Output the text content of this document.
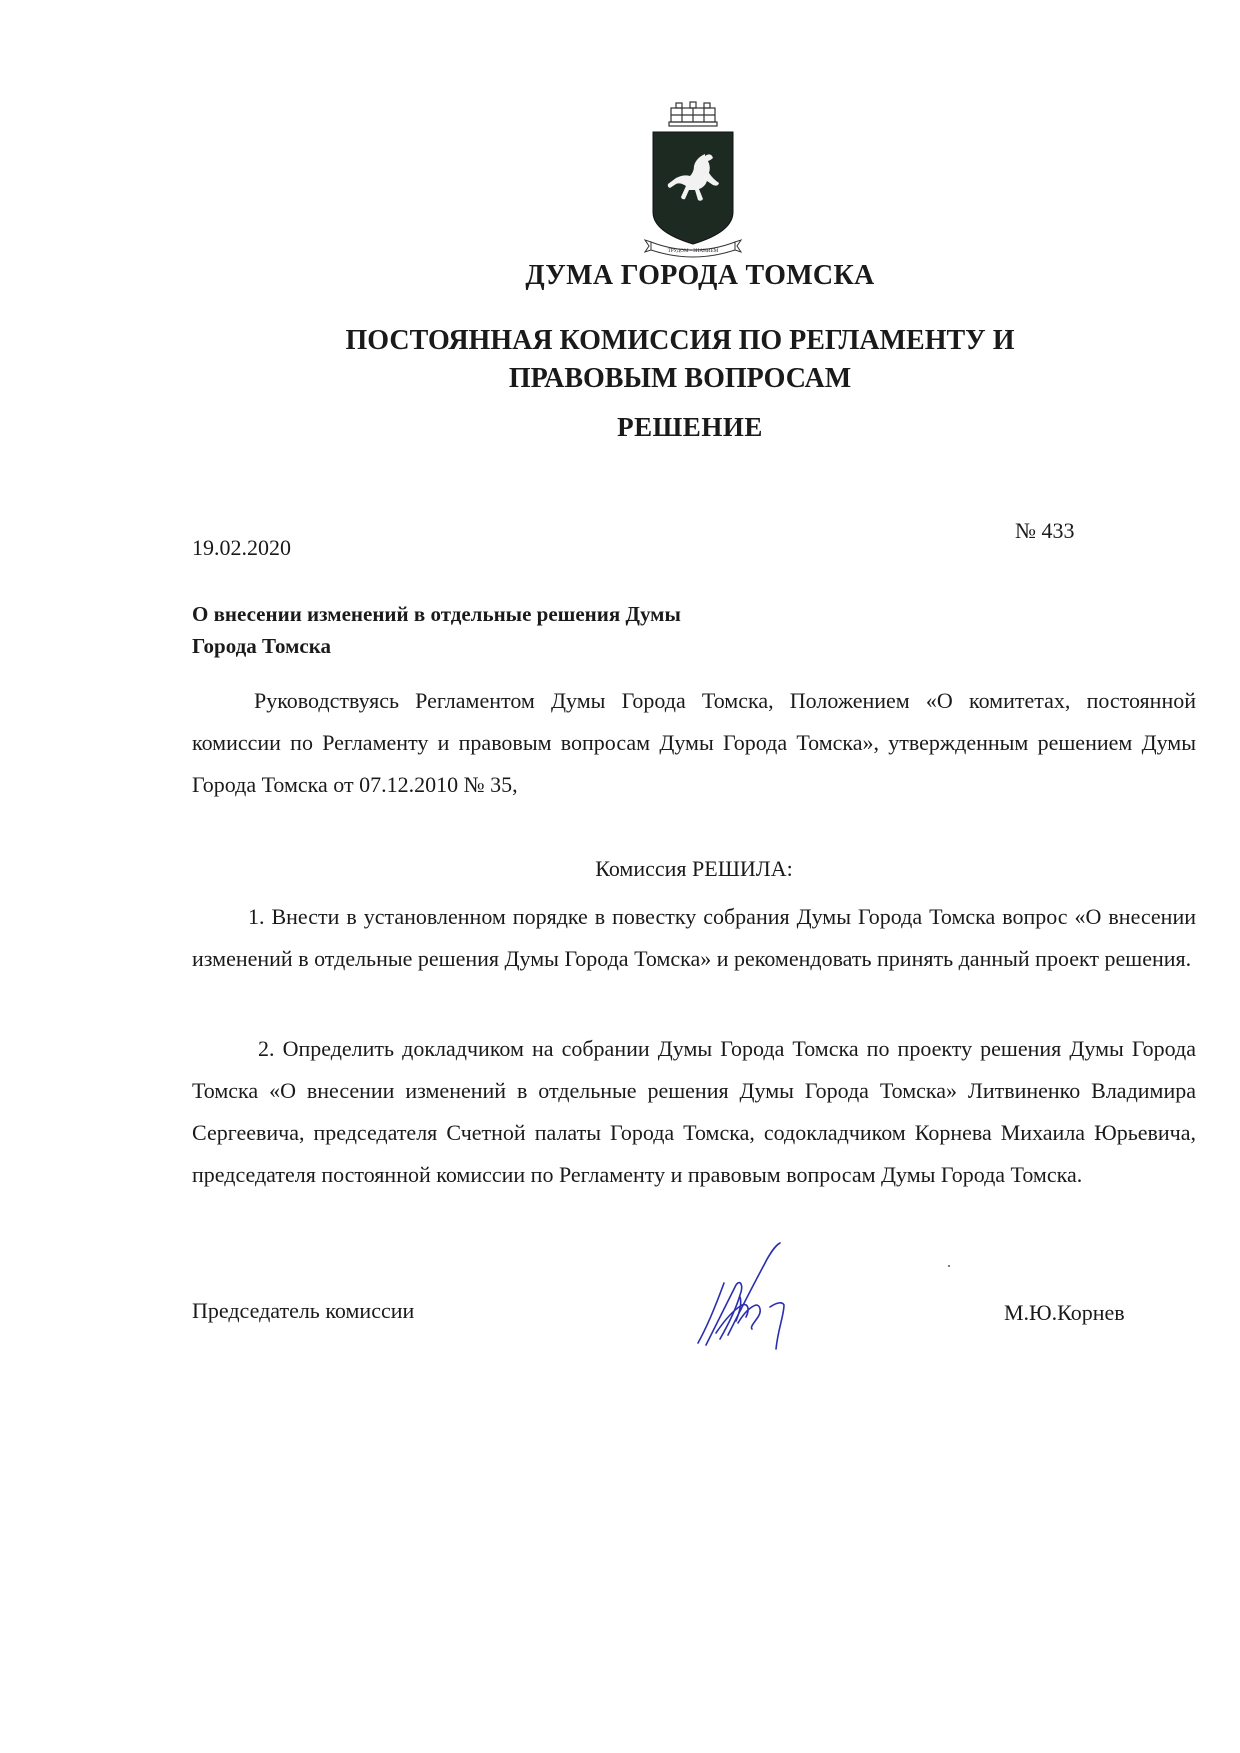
ТРУДОМ • ЗНАНИЕМ
ДУМА ГОРОДА ТОМСКА
ПОСТОЯННАЯ КОМИССИЯ ПО РЕГЛАМЕНТУ И ПРАВОВЫМ ВОПРОСАМ
РЕШЕНИЕ
19.02.2020
№ 433
О внесении изменений в отдельные решения Думы Города Томска
Руководствуясь Регламентом Думы Города Томска, Положением «О комитетах, постоянной комиссии по Регламенту и правовым вопросам Думы Города Томска», утвержденным решением Думы Города Томска от 07.12.2010 № 35,
Комиссия РЕШИЛА:
1. Внести в установленном порядке в повестку собрания Думы Города Томска вопрос «О внесении изменений в отдельные решения Думы Города Томска» и рекомендовать принять данный проект решения.
2. Определить докладчиком на собрании Думы Города Томска по проекту решения Думы Города Томска «О внесении изменений в отдельные решения Думы Города Томска» Литвиненко Владимира Сергеевича, председателя Счетной палаты Города Томска, содокладчиком Корнева Михаила Юрьевича, председателя постоянной комиссии по Регламенту и правовым вопросам Думы Города Томска.
Председатель комиссии	М.Ю.Корнев
